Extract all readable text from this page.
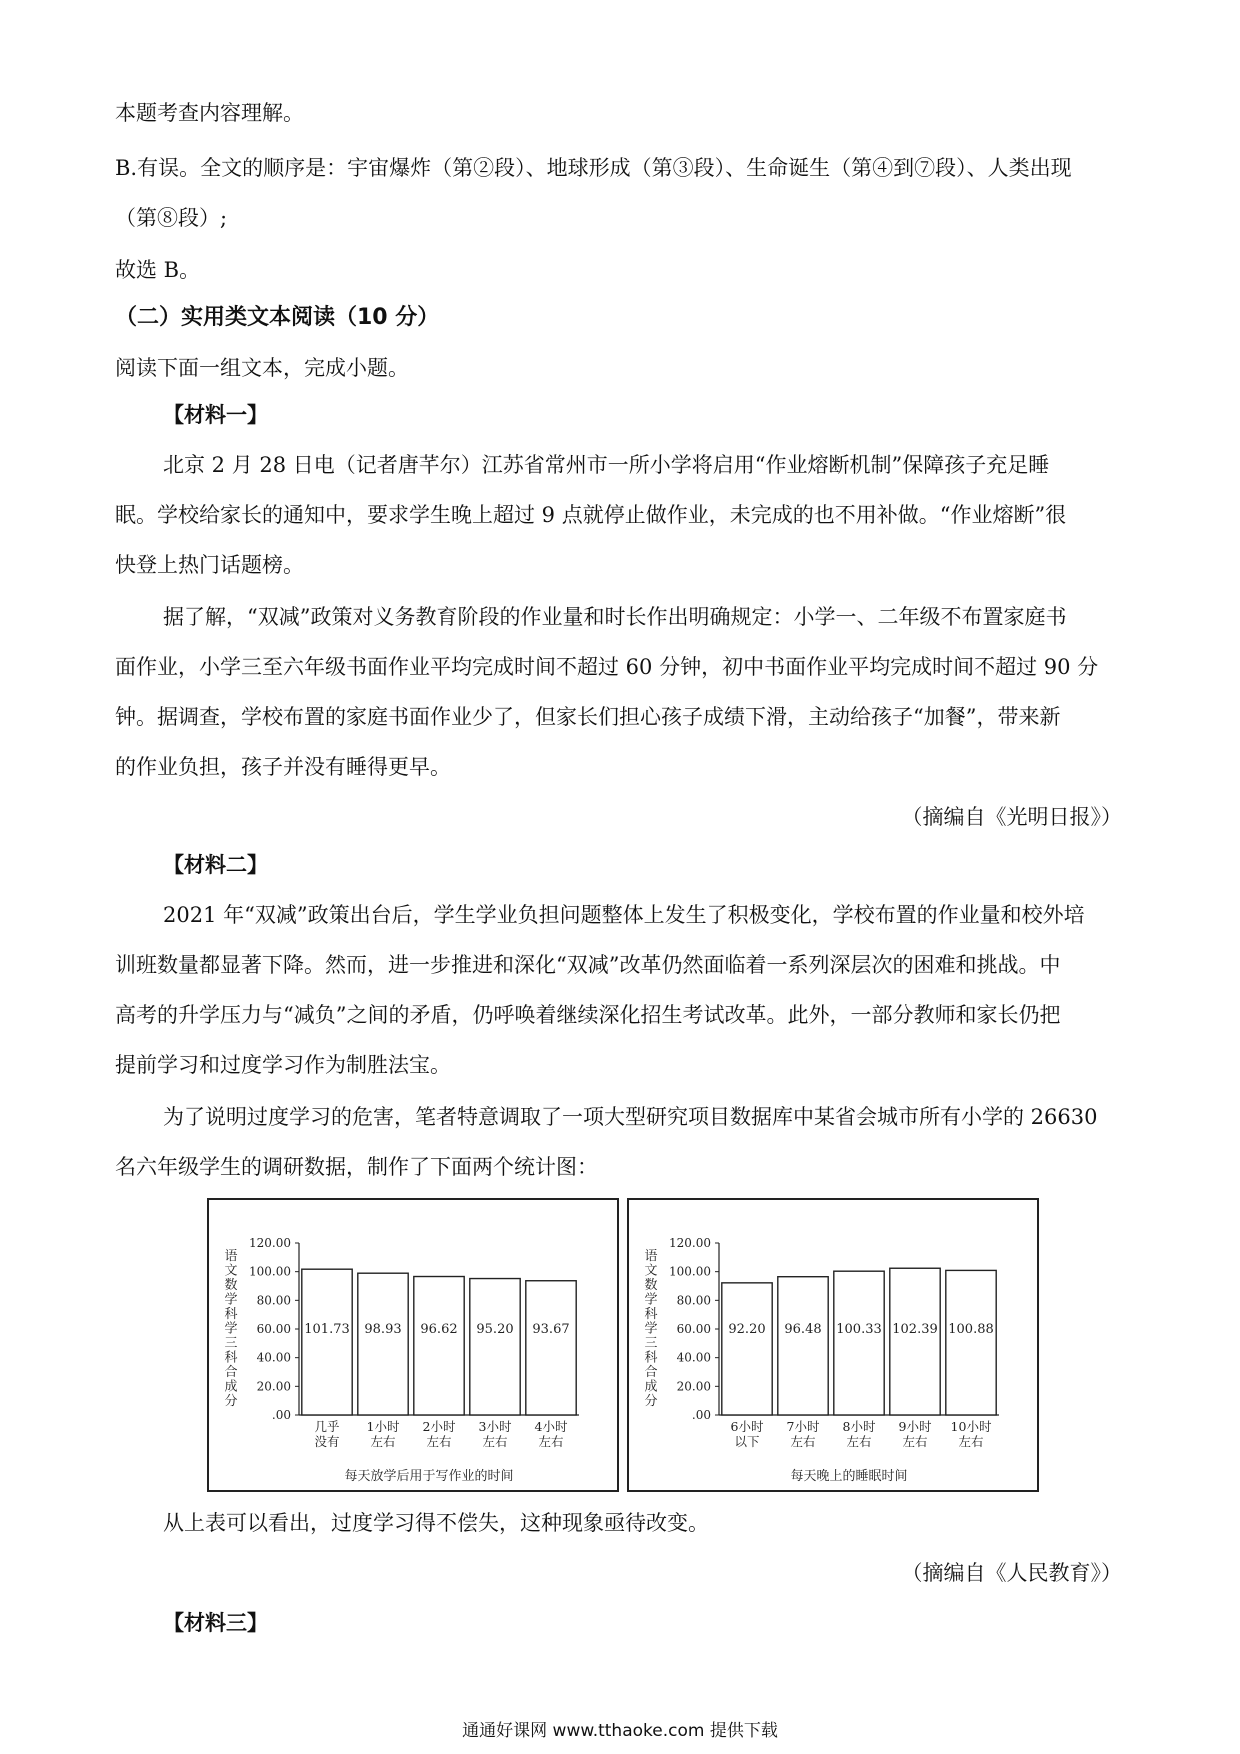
本题考查内容理解。
B.有误。全文的顺序是：宇宙爆炸（第②段）、地球形成（第③段）、生命诞生（第④到⑦段）、人类出现
（第⑧段）;
故选 B。
（二）实用类文本阅读（10 分）
阅读下面一组文本，完成小题。
【材料一】
北京 2 月 28 日电（记者唐芊尔）江苏省常州市一所小学将启用“作业熔断机制”保障孩子充足睡
眠。学校给家长的通知中，要求学生晚上超过 9 点就停止做作业，未完成的也不用补做。“作业熔断”很
快登上热门话题榜。
据了解，“双减”政策对义务教育阶段的作业量和时长作出明确规定：小学一、二年级不布置家庭书
面作业，小学三至六年级书面作业平均完成时间不超过 60 分钟，初中书面作业平均完成时间不超过 90 分
钟。据调查，学校布置的家庭书面作业少了，但家长们担心孩子成绩下滑，主动给孩子“加餐”，带来新
的作业负担，孩子并没有睡得更早。
（摘编自《光明日报》）
【材料二】
2021 年“双减”政策出台后，学生学业负担问题整体上发生了积极变化，学校布置的作业量和校外培
训班数量都显著下降。然而，进一步推进和深化“双减”改革仍然面临着一系列深层次的困难和挑战。中
高考的升学压力与“减负”之间的矛盾，仍呼唤着继续深化招生考试改革。此外，一部分教师和家长仍把
提前学习和过度学习作为制胜法宝。
为了说明过度学习的危害，笔者特意调取了一项大型研究项目数据库中某省会城市所有小学的 26630
名六年级学生的调研数据，制作了下面两个统计图：
120.00
100.00
80.00
60.00
40.00
20.00
.00
语
文
数
学
科
学
三
科
合
成
分
101.73
几乎
没有
98.93
1小时
左右
96.62
2小时
左右
95.20
3小时
左右
93.67
4小时
左右
每天放学后用于写作业的时间
120.00
100.00
80.00
60.00
40.00
20.00
.00
语
文
数
学
科
学
三
科
合
成
分
92.20
6小时
以下
96.48
7小时
左右
100.33
8小时
左右
102.39
9小时
左右
100.88
10小时
左右
每天晚上的睡眠时间
从上表可以看出，过度学习得不偿失，这种现象亟待改变。
（摘编自《人民教育》）
【材料三】
通通好课网 www.tthaoke.com 提供下载
